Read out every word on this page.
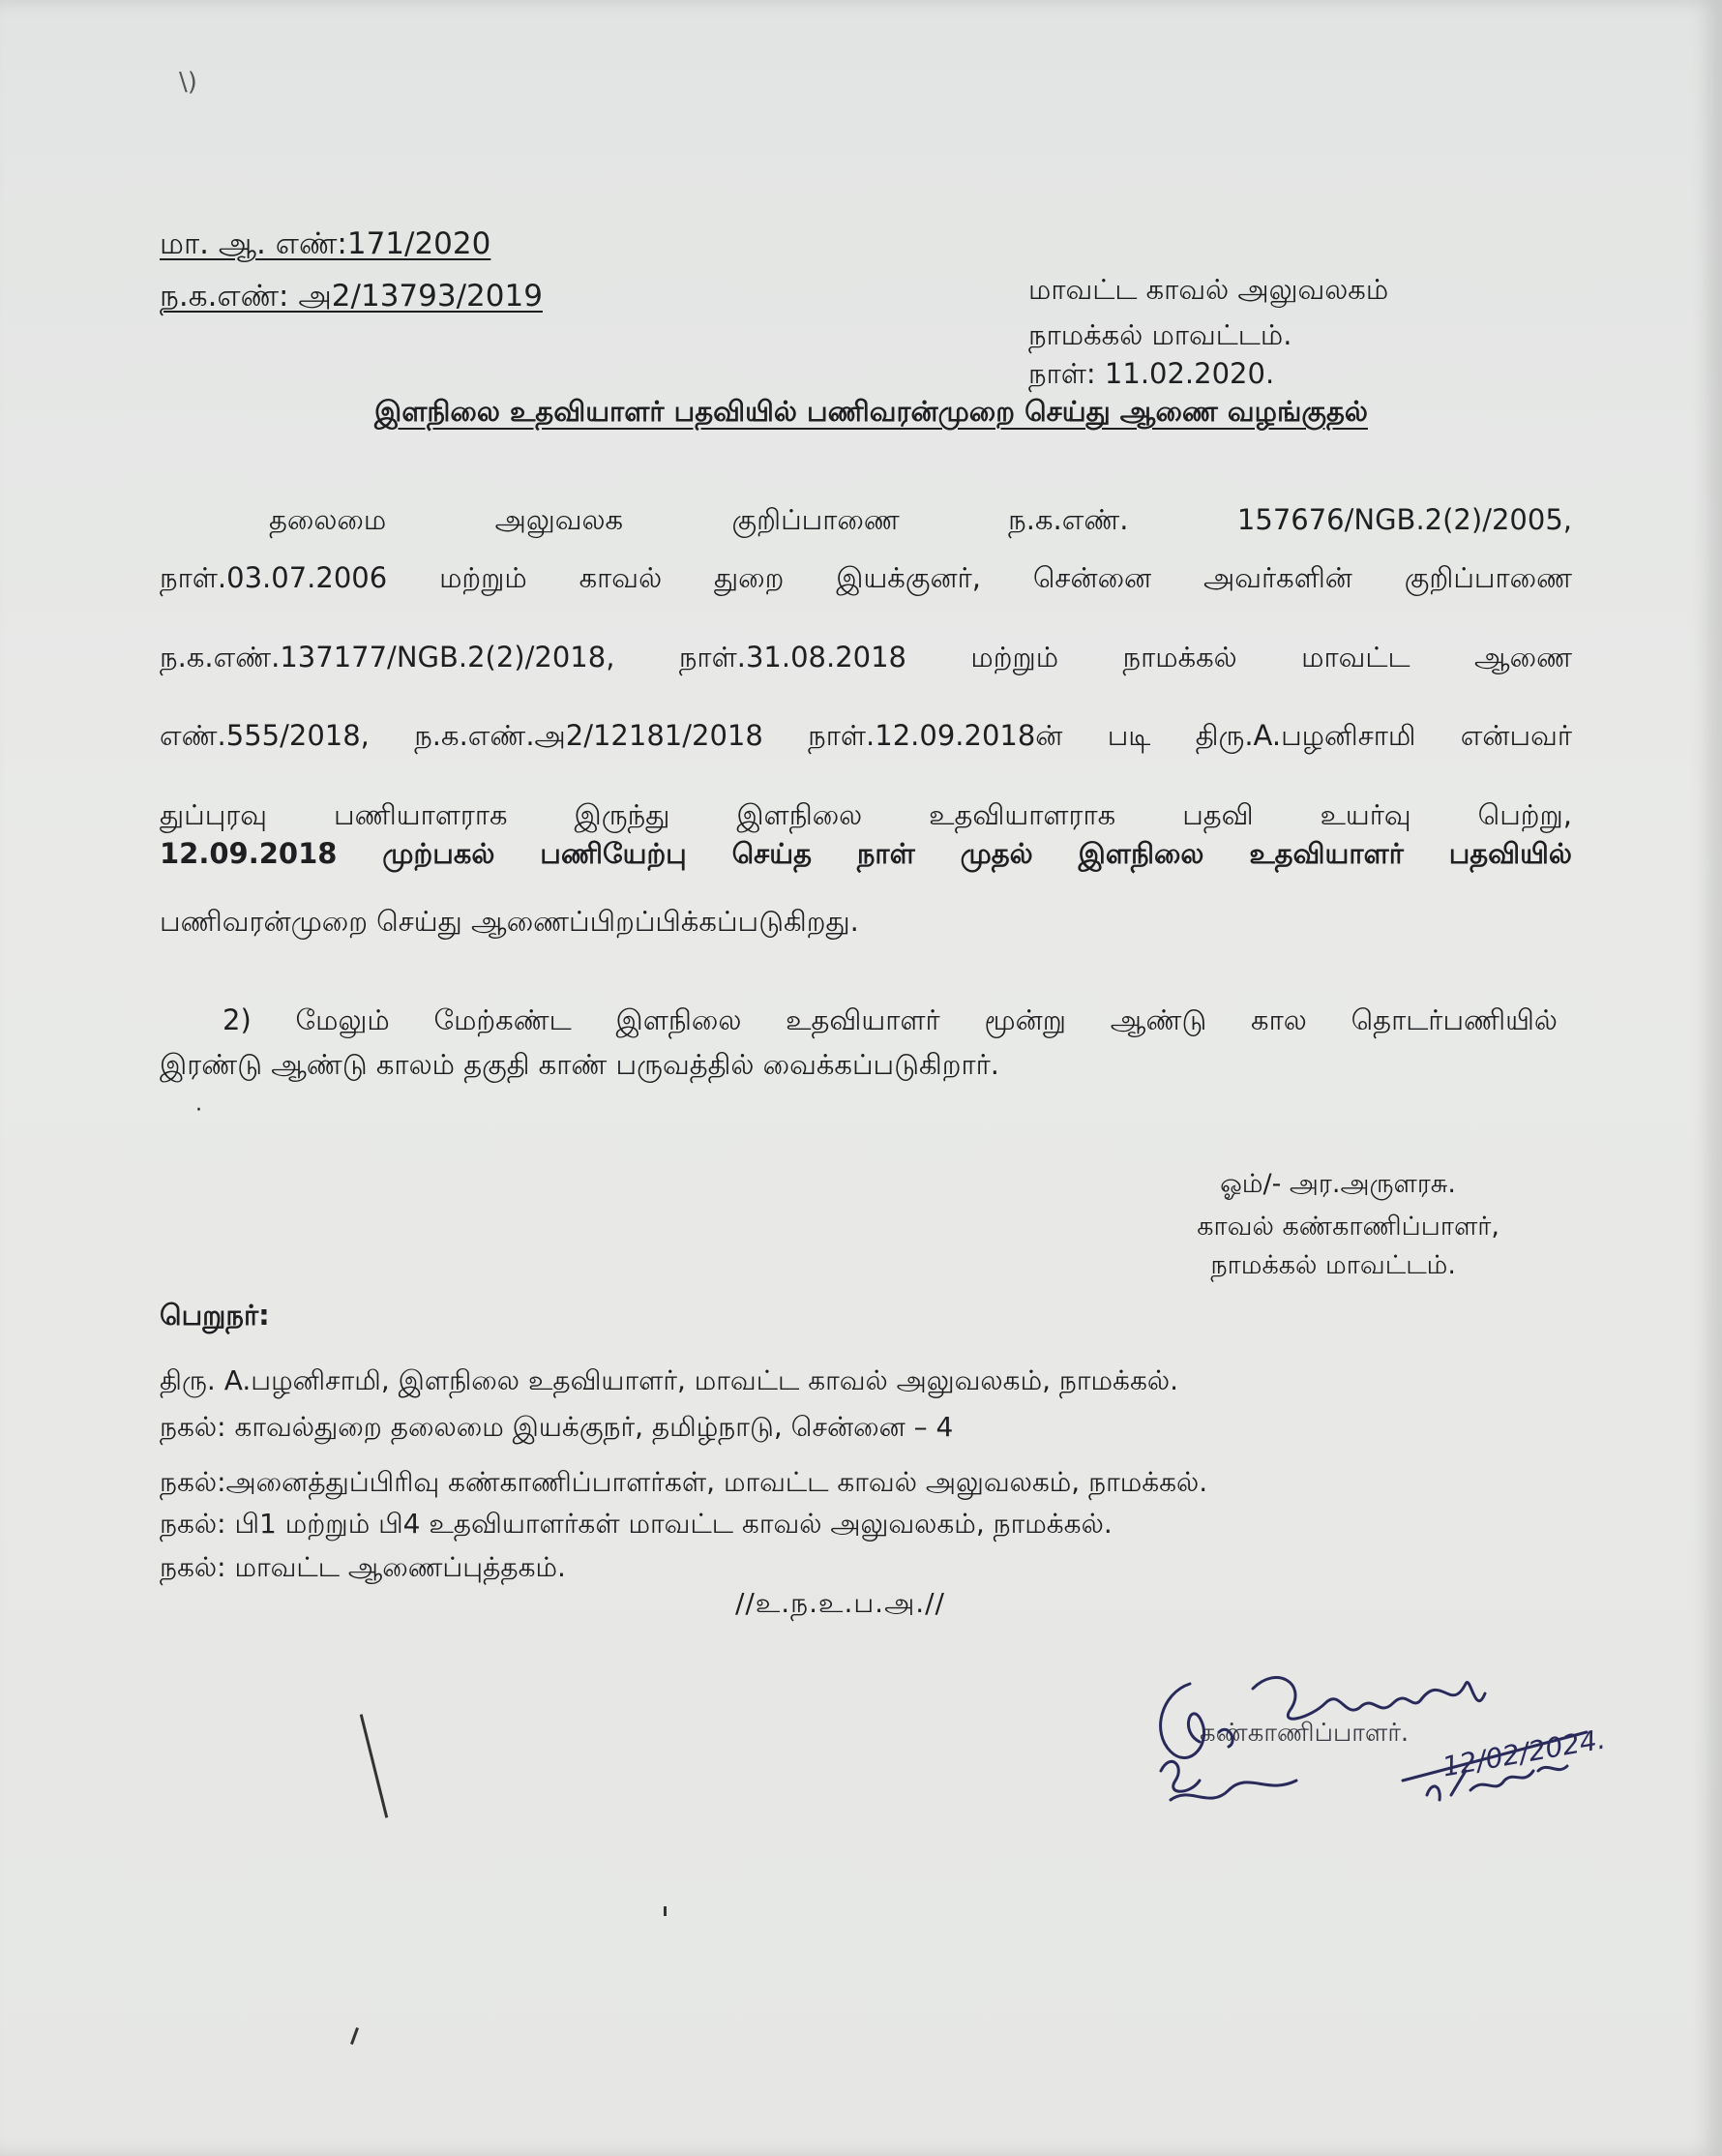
\)
மா. ஆ. எண்:171/2020
ந.க.எண்: அ2/13793/2019	மாவட்ட காவல் அலுவலகம்
நாமக்கல் மாவட்டம்.
நாள்: 11.02.2020.
இளநிலை உதவியாளர் பதவியில் பணிவரன்முறை செய்து ஆணை வழங்குதல்
தலைமை அலுவலக குறிப்பாணை ந.க.எண். 157676/NGB.2(2)/2005,
நாள்.03.07.2006 மற்றும் காவல் துறை இயக்குனர், சென்னை அவர்களின் குறிப்பாணை
ந.க.எண்.137177/NGB.2(2)/2018, நாள்.31.08.2018 மற்றும் நாமக்கல் மாவட்ட ஆணை
எண்.555/2018, ந.க.எண்.அ2/12181/2018 நாள்.12.09.2018ன் படி திரு.A.பழனிசாமி என்பவர்
துப்புரவு பணியாளராக இருந்து இளநிலை உதவியாளராக பதவி உயர்வு பெற்று,
12.09.2018 முற்பகல் பணியேற்பு செய்த நாள் முதல் இளநிலை உதவியாளர் பதவியில்
பணிவரன்முறை செய்து ஆணைப்பிறப்பிக்கப்படுகிறது.
2) மேலும் மேற்கண்ட இளநிலை உதவியாளர் மூன்று ஆண்டு கால தொடர்பணியில்
இரண்டு ஆண்டு காலம் தகுதி காண் பருவத்தில் வைக்கப்படுகிறார்.
·
ஓம்/- அர.அருளரசு.
காவல் கண்காணிப்பாளர்,
நாமக்கல் மாவட்டம்.
பெறுநர்:
திரு. A.பழனிசாமி, இளநிலை உதவியாளர், மாவட்ட காவல் அலுவலகம், நாமக்கல்.
நகல்: காவல்துறை தலைமை இயக்குநர், தமிழ்நாடு, சென்னை – 4
நகல்:அனைத்துப்பிரிவு கண்காணிப்பாளர்கள், மாவட்ட காவல் அலுவலகம், நாமக்கல்.
நகல்: பி1 மற்றும் பி4 உதவியாளர்கள் மாவட்ட காவல் அலுவலகம், நாமக்கல்.
நகல்: மாவட்ட ஆணைப்புத்தகம்.
//உ.ந.உ.ப.அ.//
கண்காணிப்பாளர். 12/02/2024.
